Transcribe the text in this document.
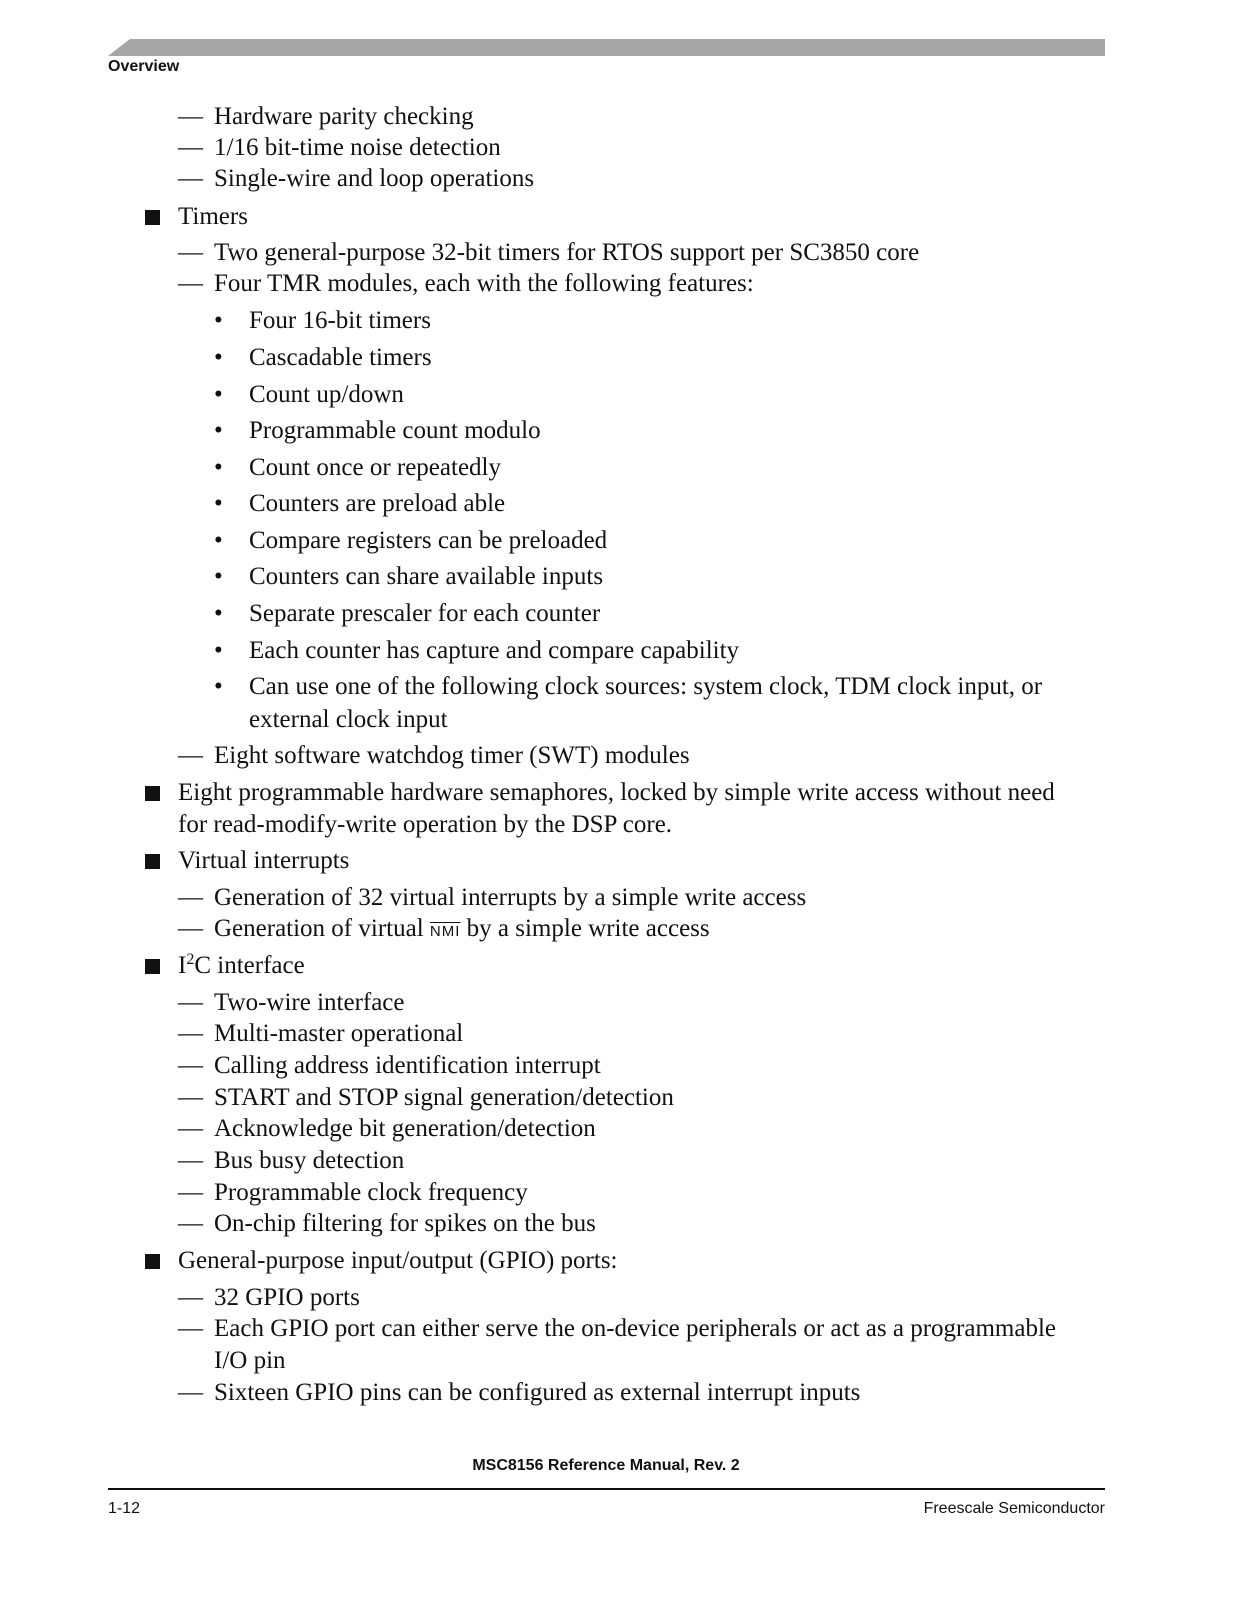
Overview
— Hardware parity checking
— 1/16 bit-time noise detection
— Single-wire and loop operations
Timers
— Two general-purpose 32-bit timers for RTOS support per SC3850 core
— Four TMR modules, each with the following features:
• Four 16-bit timers
• Cascadable timers
• Count up/down
• Programmable count modulo
• Count once or repeatedly
• Counters are preload able
• Compare registers can be preloaded
• Counters can share available inputs
• Separate prescaler for each counter
• Each counter has capture and compare capability
• Can use one of the following clock sources: system clock, TDM clock input, or
external clock input
— Eight software watchdog timer (SWT) modules
Eight programmable hardware semaphores, locked by simple write access without need
for read-modify-write operation by the DSP core.
Virtual interrupts
— Generation of 32 virtual interrupts by a simple write access
— Generation of virtual $\overline{NMI}$ by a simple write access
$I^2C$ interface
— Two-wire interface
— Multi-master operational
— Calling address identification interrupt
— START and STOP signal generation/detection
— Acknowledge bit generation/detection
— Bus busy detection
— Programmable clock frequency
— On-chip filtering for spikes on the bus
General-purpose input/output (GPIO) ports:
— 32 GPIO ports
— Each GPIO port can either serve the on-device peripherals or act as a programmable
I/O pin
— Sixteen GPIO pins can be configured as external interrupt inputs
MSC8156 Reference Manual, Rev. 2
1-12	Freescale Semiconductor
